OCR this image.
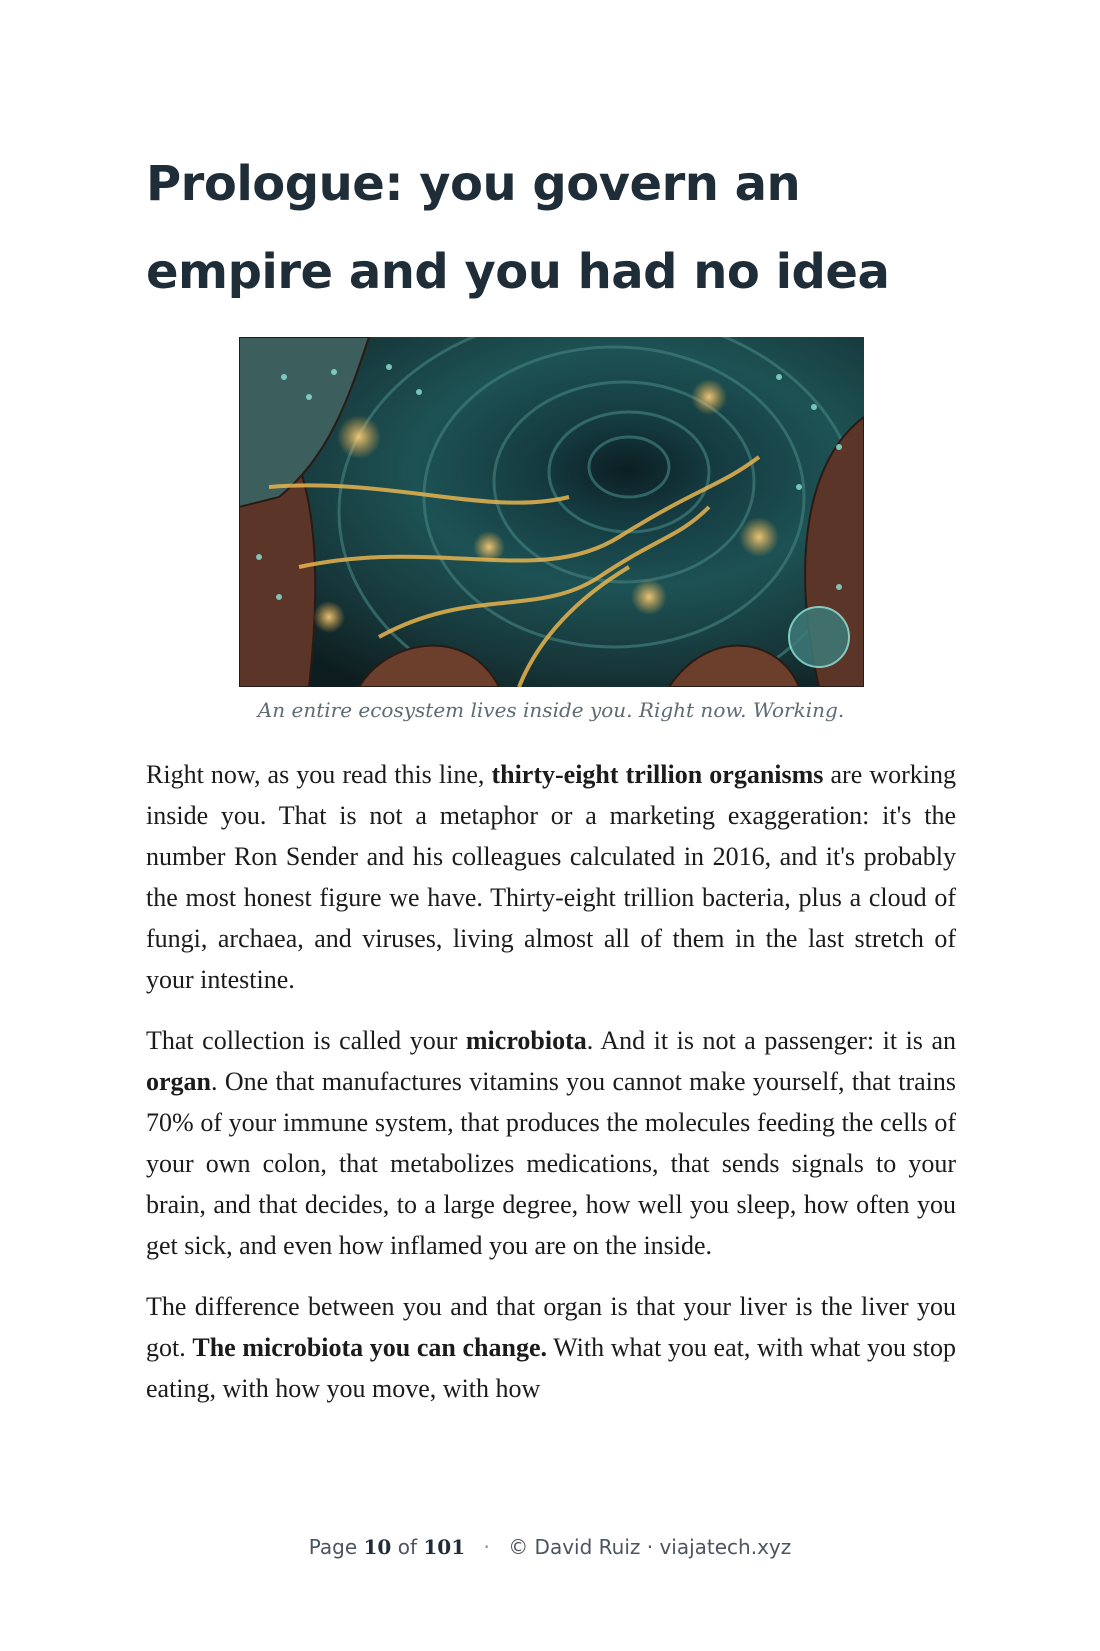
Prologue: you govern an empire and you had no idea
An entire ecosystem lives inside you. Right now. Working.

Right now, as you read this line, thirty-eight trillion organisms are working inside you. That is not a metaphor or a marketing exaggeration: it's the number Ron Sender and his colleagues calculated in 2016, and it's probably the most honest figure we have. Thirty-eight trillion bacteria, plus a cloud of fungi, archaea, and viruses, living almost all of them in the last stretch of your intestine.

That collection is called your microbiota. And it is not a passenger: it is an organ. One that manufactures vitamins you cannot make yourself, that trains 70% of your immune system, that produces the molecules feeding the cells of your own colon, that metabolizes medications, that sends signals to your brain, and that decides, to a large degree, how well you sleep, how often you get sick, and even how inflamed you are on the inside.

The difference between you and that organ is that your liver is the liver you got. The microbiota you can change. With what you eat, with what you stop eating, with how you move, with how

Page 10 of 101 · © David Ruiz · viajatech.xyz
